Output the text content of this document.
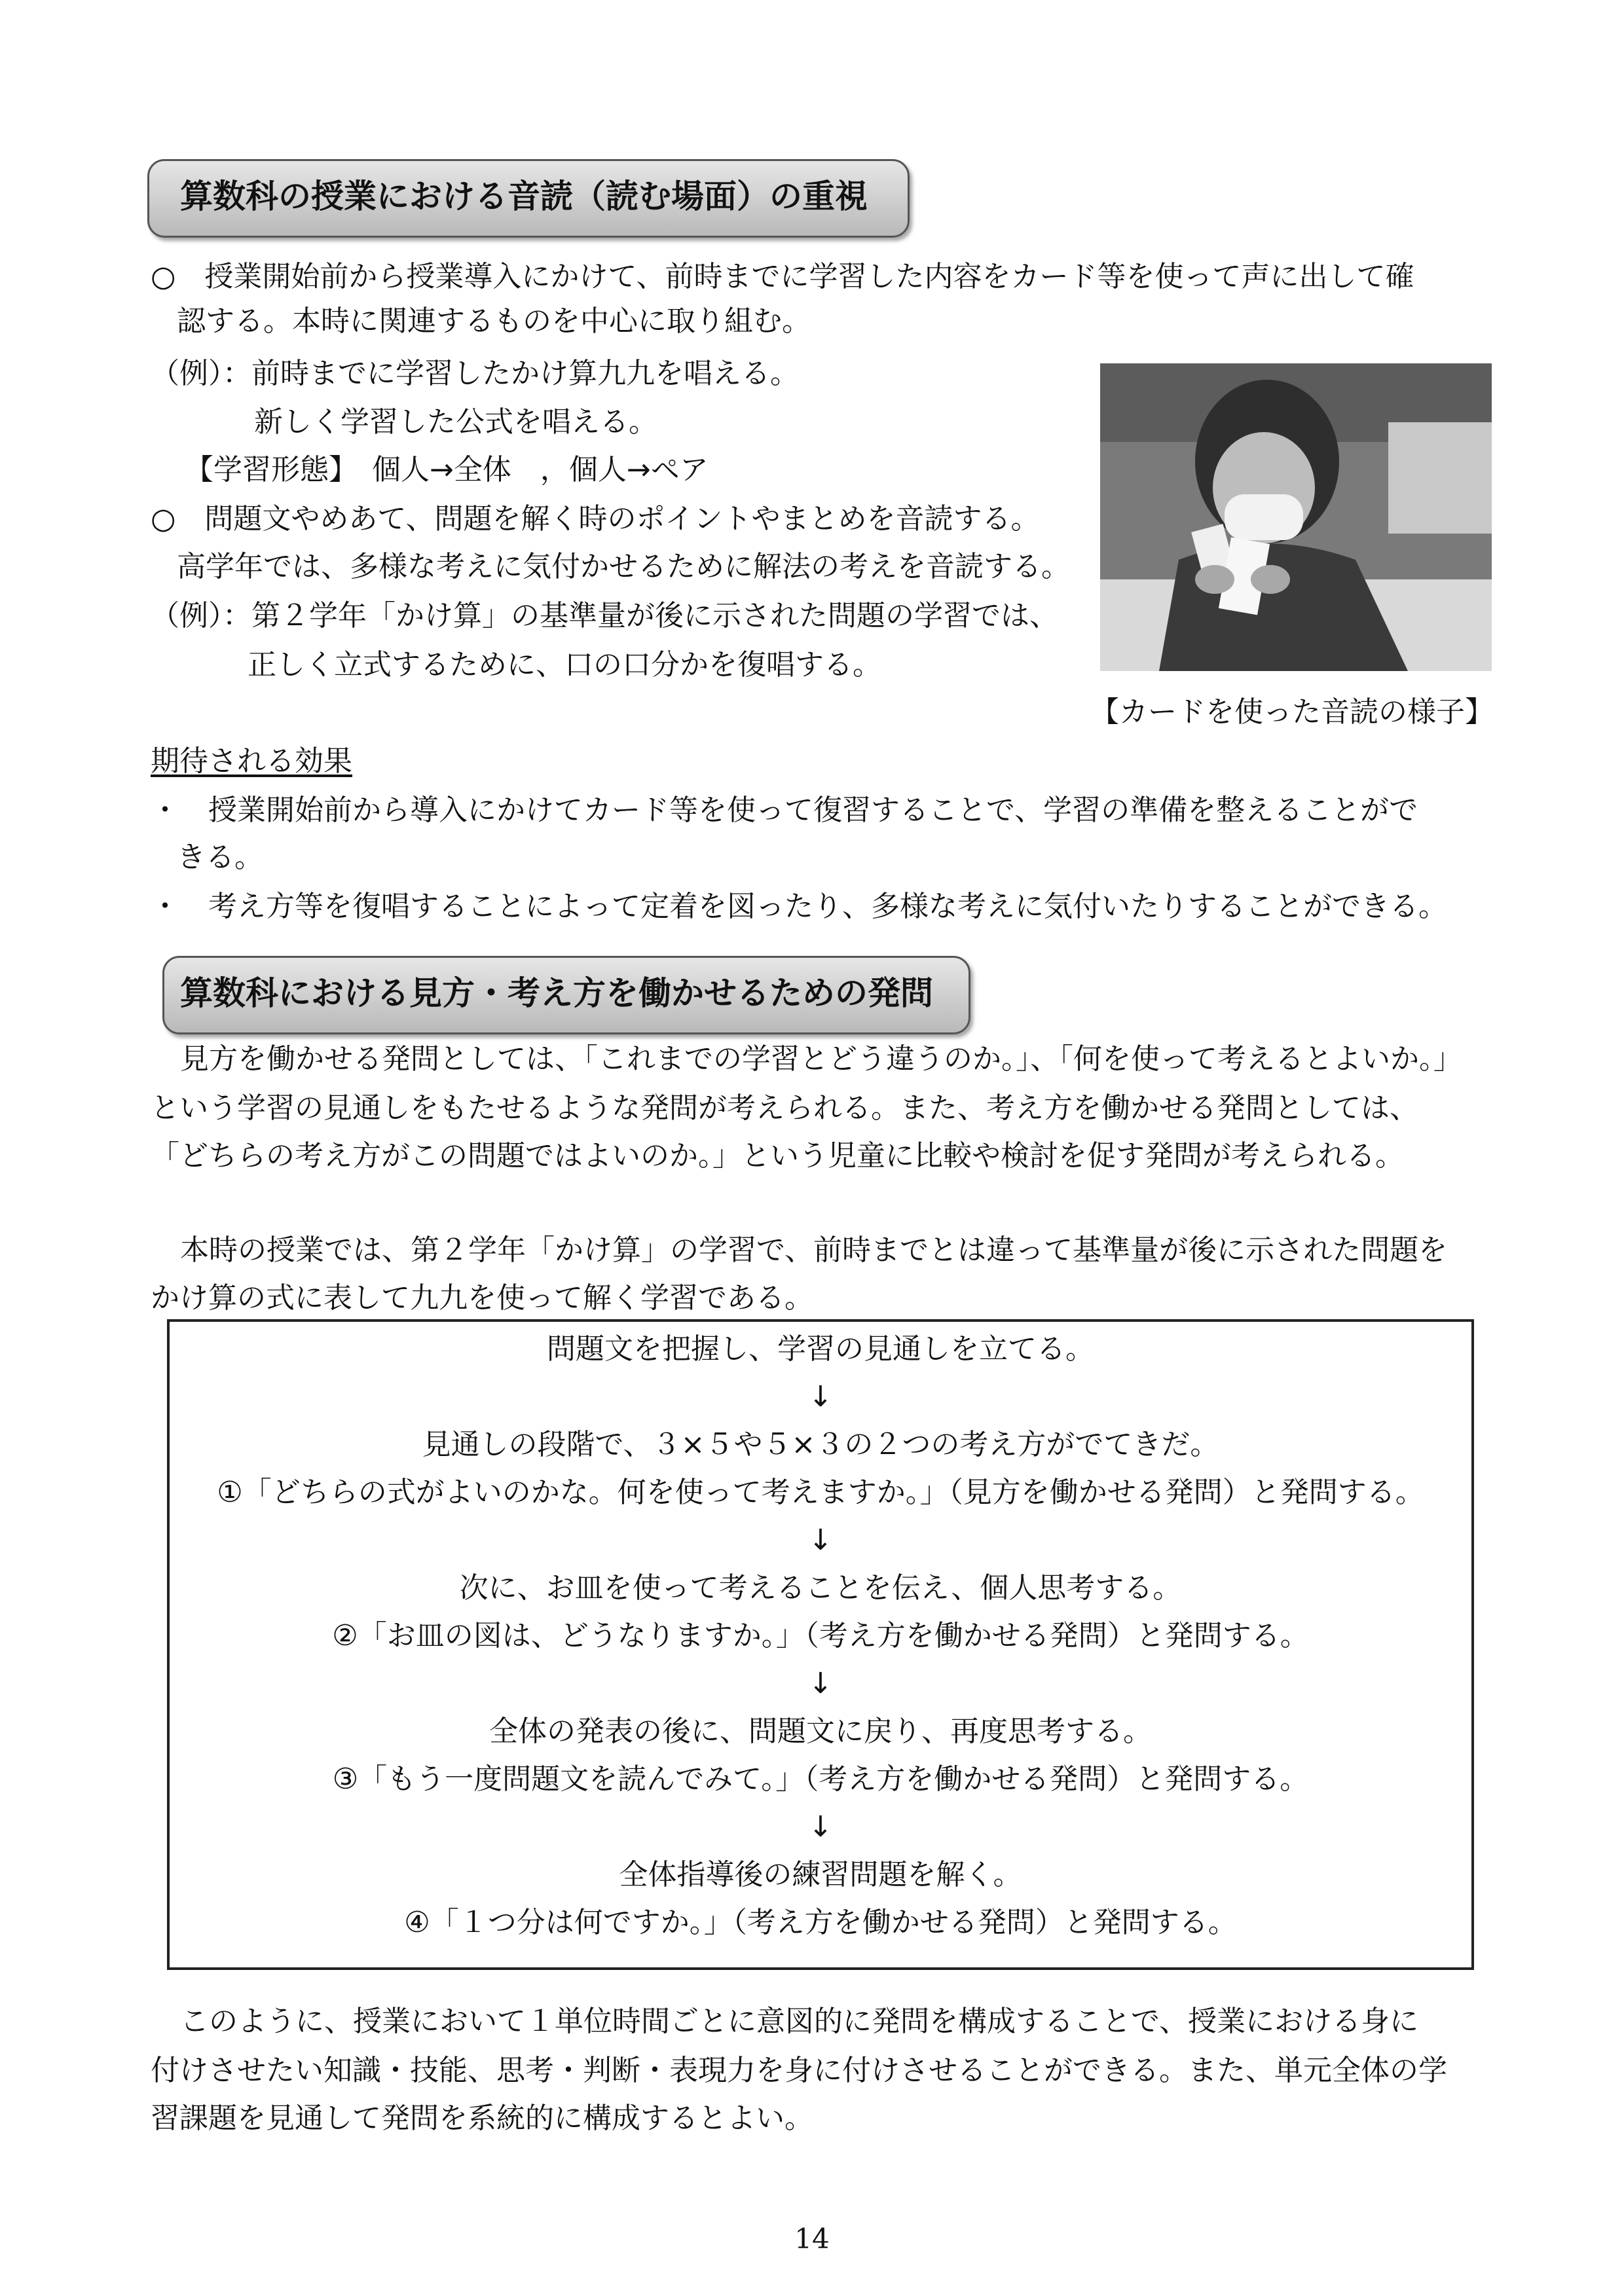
算数科の授業における音読（読む場面）の重視
○　授業開始前から授業導入にかけて、前時までに学習した内容をカード等を使って声に出して確
認する。本時に関連するものを中心に取り組む。
（例）：前時までに学習したかけ算九九を唱える。
新しく学習した公式を唱える。
【学習形態】　個人→全体　，個人→ペア
○　問題文やめあて、問題を解く時のポイントやまとめを音読する。
高学年では、多様な考えに気付かせるために解法の考えを音読する。
（例）：第２学年「かけ算」の基準量が後に示された問題の学習では、
正しく立式するために、口の口分かを復唱する。
【カードを使った音読の様子】
期待される効果
・　授業開始前から導入にかけてカード等を使って復習することで、学習の準備を整えることがで
きる。
・　考え方等を復唱することによって定着を図ったり、多様な考えに気付いたりすることができる。
算数科における見方・考え方を働かせるための発問
見方を働かせる発問としては、「これまでの学習とどう違うのか。」、「何を使って考えるとよいか。」
という学習の見通しをもたせるような発問が考えられる。また、考え方を働かせる発問としては、
「どちらの考え方がこの問題ではよいのか。」という児童に比較や検討を促す発問が考えられる。
本時の授業では、第２学年「かけ算」の学習で、前時までとは違って基準量が後に示された問題を
かけ算の式に表して九九を使って解く学習である。
問題文を把握し、学習の見通しを立てる。
↓
見通しの段階で、３×５や５×３の２つの考え方がでてきだ。
①「どちらの式がよいのかな。何を使って考えますか。」（見方を働かせる発問）と発問する。
↓
次に、お皿を使って考えることを伝え、個人思考する。
②「お皿の図は、どうなりますか。」（考え方を働かせる発問）と発問する。
↓
全体の発表の後に、問題文に戻り、再度思考する。
③「もう一度問題文を読んでみて。」（考え方を働かせる発問）と発問する。
↓
全体指導後の練習問題を解く。
④「１つ分は何ですか。」（考え方を働かせる発問）と発問する。
このように、授業において１単位時間ごとに意図的に発問を構成することで、授業における身に
付けさせたい知識・技能、思考・判断・表現力を身に付けさせることができる。また、単元全体の学
習課題を見通して発問を系統的に構成するとよい。
14
